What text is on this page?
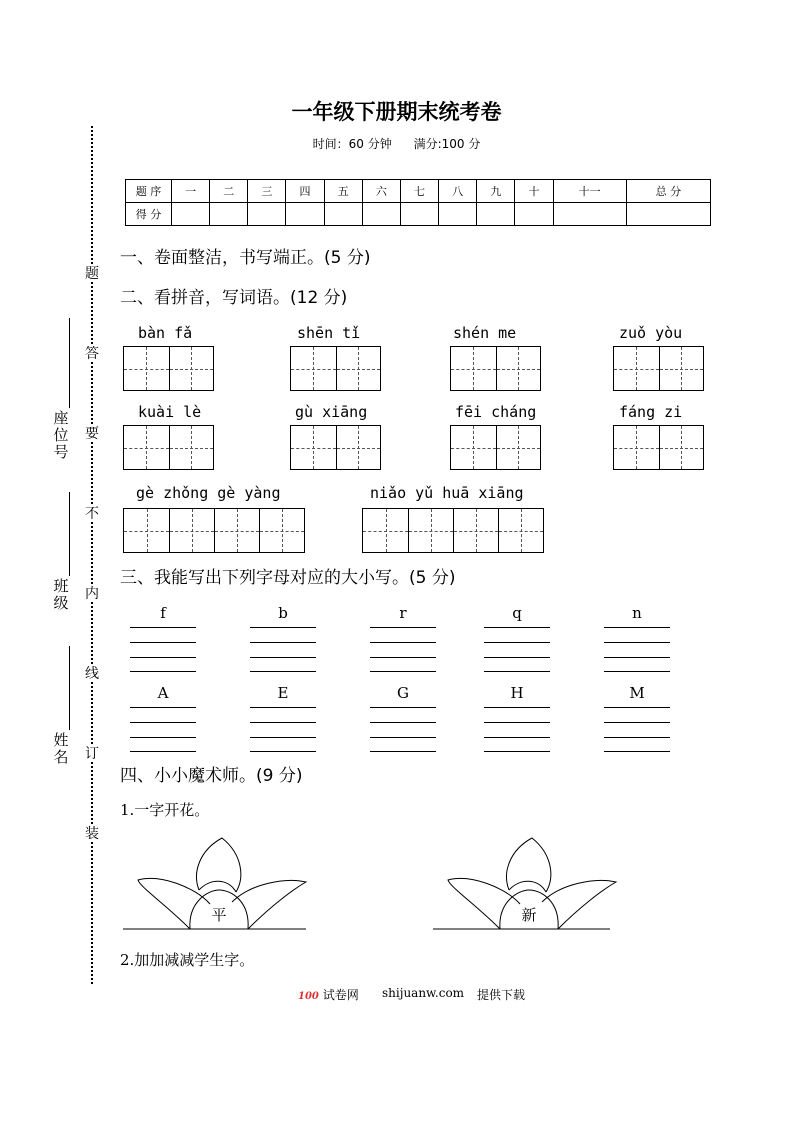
题
答
要
不
内
线
订
装
座位号
班级
姓名
一年级下册期末统考卷
时间：60 分钟 满分:100 分
题 序	一	二	三	四	五	六	七	八	九	十	十一	总 分
得 分												
一、卷面整洁，书写端正。(5 分)
二、看拼音，写词语。(12 分)
bàn fǎ	shēn tǐ	shén me	zuǒ yòu
kuài lè	gù xiāng	fēi cháng	fáng zi
gè zhǒng gè yàng	niǎo yǔ huā xiāng
三、我能写出下列字母对应的大小写。(5 分)
f	b	r	q	n
A	E	G	H	M
四、小小魔术师。(9 分)
1.一字开花。
平	新
2.加加减减学生字。
100 试卷网 shijuanw.com 提供下载
